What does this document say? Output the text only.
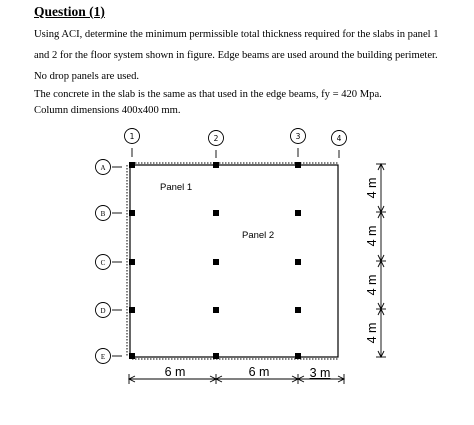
Question (1)

Using ACI, determine the minimum permissible total thickness required for the slabs in panel 1

and 2 for the floor system shown in figure. Edge beams are used around the building perimeter.

No drop panels are used.

The concrete in the slab is the same as that used in the edge beams, fy = 420 Mpa.

Column dimensions 400x400 mm.

1	2	3	4
A
B
C
D
E
Panel 1
Panel 2
6 m	6 m	3 m
4 m
4 m
4 m
4 m
